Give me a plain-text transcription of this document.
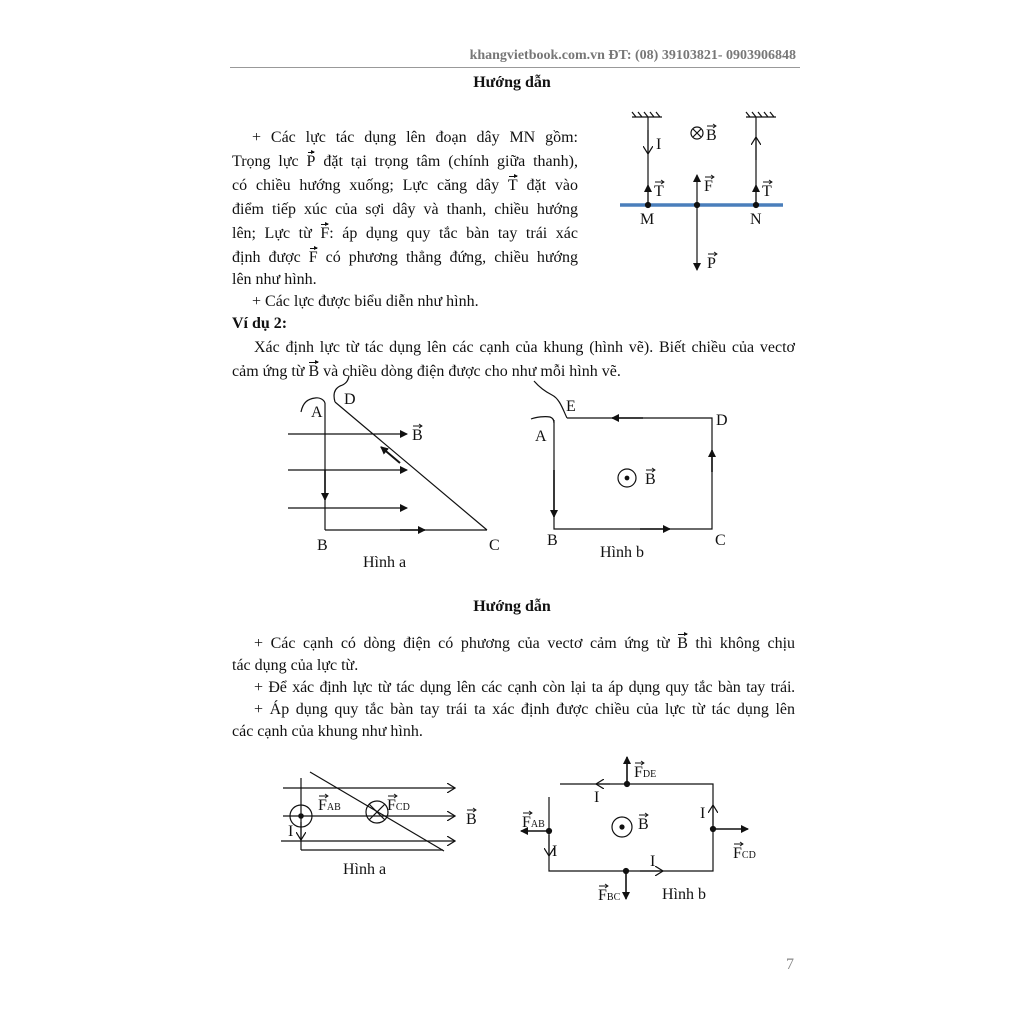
khangvietbook.com.vn ĐT: (08) 39103821- 0903906848
Hướng dẫn
+ Các lực tác dụng lên đoạn dây MN gồm:
Trọng lực P đặt tại trọng tâm (chính giữa thanh),
có chiều hướng xuống; Lực căng dây T đặt vào
điểm tiếp xúc của sợi dây và thanh, chiều hướng
lên; Lực từ F: áp dụng quy tắc bàn tay trái xác
định được F có phương thẳng đứng, chiều hướng
lên như hình.
+ Các lực được biểu diễn như hình.
Ví dụ 2:
Xác định lực từ tác dụng lên các cạnh của khung (hình vẽ). Biết chiều của vectơ
cảm ứng từ B và chiều dòng điện được cho như mỗi hình vẽ.
Hướng dẫn
+ Các cạnh có dòng điện có phương của vectơ cảm ứng từ B thì không chịu
tác dụng của lực từ.
+ Để xác định lực từ tác dụng lên các cạnh còn lại ta áp dụng quy tắc bàn tay trái.
+ Áp dụng quy tắc bàn tay trái ta xác định được chiều của lực từ tác dụng lên
các cạnh của khung như hình.
I
B
T	T
F
P
M	N
A
D
B
B	C
Hình a
E
D
A
B
B	C
Hình b
FAB	FCD
B
I
Hình a
FDE
I
FAB
I
B
I
FCD
I
FBC	Hình b
7
